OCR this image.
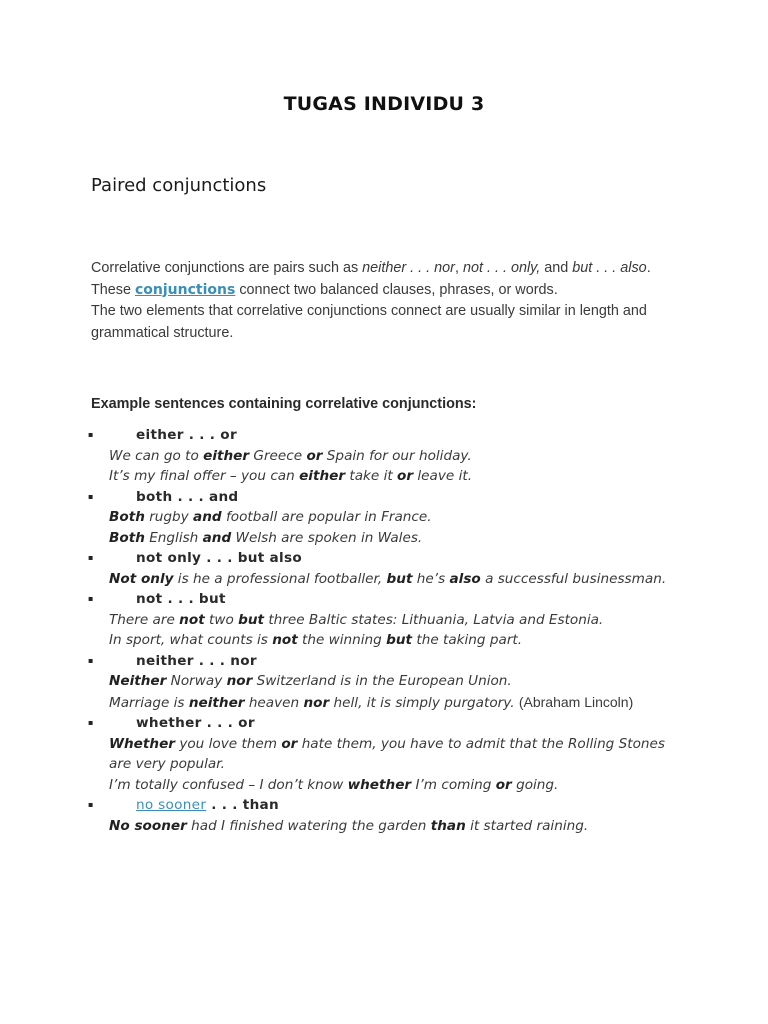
TUGAS INDIVIDU 3
Paired conjunctions
Correlative conjunctions are pairs such as neither . . . nor, not . . . only, and but . . . also. These conjunctions connect two balanced clauses, phrases, or words.
The two elements that correlative conjunctions connect are usually similar in length and grammatical structure.
Example sentences containing correlative conjunctions:
▪	either . . . or
We can go to either Greece or Spain for our holiday.
It’s my final offer – you can either take it or leave it.
▪	both . . . and
Both rugby and football are popular in France.
Both English and Welsh are spoken in Wales.
▪	not only . . . but also
Not only is he a professional footballer, but he’s also a successful businessman.
▪	not . . . but
There are not two but three Baltic states: Lithuania, Latvia and Estonia.
In sport, what counts is not the winning but the taking part.
▪	neither . . . nor
Neither Norway nor Switzerland is in the European Union.
Marriage is neither heaven nor hell, it is simply purgatory. (Abraham Lincoln)
▪	whether . . . or
Whether you love them or hate them, you have to admit that the Rolling Stones are very popular.
I’m totally confused – I don’t know whether I’m coming or going.
▪	no sooner . . . than
No sooner had I finished watering the garden than it started raining.
